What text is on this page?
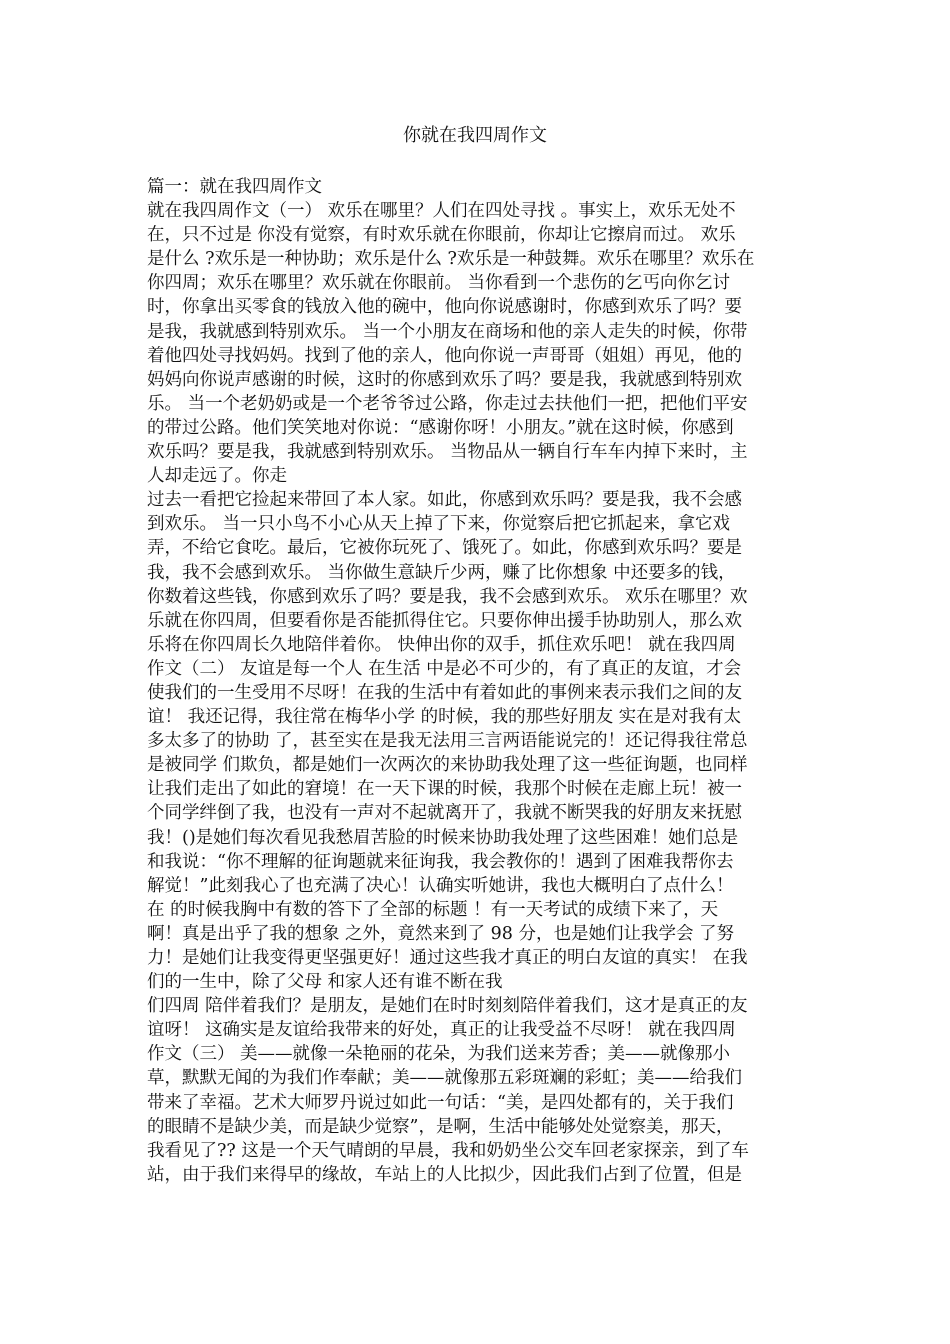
你就在我四周作文
篇一：就在我四周作文
就在我四周作文（一） 欢乐在哪里？人们在四处寻找 。事实上，欢乐无处不
在，只不过是 你没有觉察，有时欢乐就在你眼前，你却让它擦肩而过。 欢乐
是什么 ?欢乐是一种协助；欢乐是什么 ?欢乐是一种鼓舞。欢乐在哪里？欢乐在
你四周；欢乐在哪里？欢乐就在你眼前。 当你看到一个悲伤的乞丐向你乞讨
时，你拿出买零食的钱放入他的碗中，他向你说感谢时，你感到欢乐了吗？要
是我，我就感到特别欢乐。 当一个小朋友在商场和他的亲人走失的时候，你带
着他四处寻找妈妈。找到了他的亲人，他向你说一声哥哥（姐姐）再见，他的
妈妈向你说声感谢的时候，这时的你感到欢乐了吗？要是我，我就感到特别欢
乐。 当一个老奶奶或是一个老爷爷过公路，你走过去扶他们一把，把他们平安
的带过公路。他们笑笑地对你说：“感谢你呀！小朋友。”就在这时候，你感到
欢乐吗？要是我，我就感到特别欢乐。 当物品从一辆自行车车内掉下来时，主
人却走远了。你走
过去一看把它捡起来带回了本人家。如此，你感到欢乐吗？要是我，我不会感
到欢乐。 当一只小鸟不小心从天上掉了下来，你觉察后把它抓起来，拿它戏
弄，不给它食吃。最后，它被你玩死了、饿死了。如此，你感到欢乐吗？要是
我，我不会感到欢乐。 当你做生意缺斤少两，赚了比你想象 中还要多的钱，
你数着这些钱，你感到欢乐了吗？要是我，我不会感到欢乐。 欢乐在哪里？欢
乐就在你四周，但要看你是否能抓得住它。只要你伸出援手协助别人，那么欢
乐将在你四周长久地陪伴着你。 快伸出你的双手，抓住欢乐吧！ 就在我四周
作文（二） 友谊是每一个人 在生活 中是必不可少的，有了真正的友谊，才会
使我们的一生受用不尽呀！在我的生活中有着如此的事例来表示我们之间的友
谊！ 我还记得，我往常在梅华小学 的时候，我的那些好朋友 实在是对我有太
多太多了的协助 了，甚至实在是我无法用三言两语能说完的！还记得我往常总
是被同学 们欺负，都是她们一次两次的来协助我处理了这一些征询题，也同样
让我们走出了如此的窘境！在一天下课的时候，我那个时候在走廊上玩！被一
个同学绊倒了我，也没有一声对不起就离开了，我就不断哭我的好朋友来抚慰
我！()是她们每次看见我愁眉苦脸的时候来协助我处理了这些困难！她们总是
和我说：“你不理解的征询题就来征询我，我会教你的！遇到了困难我帮你去
解觉！”此刻我心了也充满了决心！认确实听她讲，我也大概明白了点什么！
在 的时候我胸中有数的答下了全部的标题 ！有一天考试的成绩下来了，天
啊！真是出乎了我的想象 之外，竟然来到了 98 分，也是她们让我学会 了努
力！是她们让我变得更坚强更好！通过这些我才真正的明白友谊的真实！ 在我
们的一生中，除了父母 和家人还有谁不断在我
们四周 陪伴着我们？是朋友，是她们在时时刻刻陪伴着我们，这才是真正的友
谊呀！ 这确实是友谊给我带来的好处，真正的让我受益不尽呀！ 就在我四周
作文（三） 美——就像一朵艳丽的花朵，为我们送来芳香；美——就像那小
草，默默无闻的为我们作奉献；美——就像那五彩斑斓的彩虹；美——给我们
带来了幸福。艺术大师罗丹说过如此一句话：“美，是四处都有的，关于我们
的眼睛不是缺少美，而是缺少觉察”，是啊，生活中能够处处觉察美，那天，
我看见了?? 这是一个天气晴朗的早晨，我和奶奶坐公交车回老家探亲，到了车
站，由于我们来得早的缘故，车站上的人比拟少，因此我们占到了位置，但是
